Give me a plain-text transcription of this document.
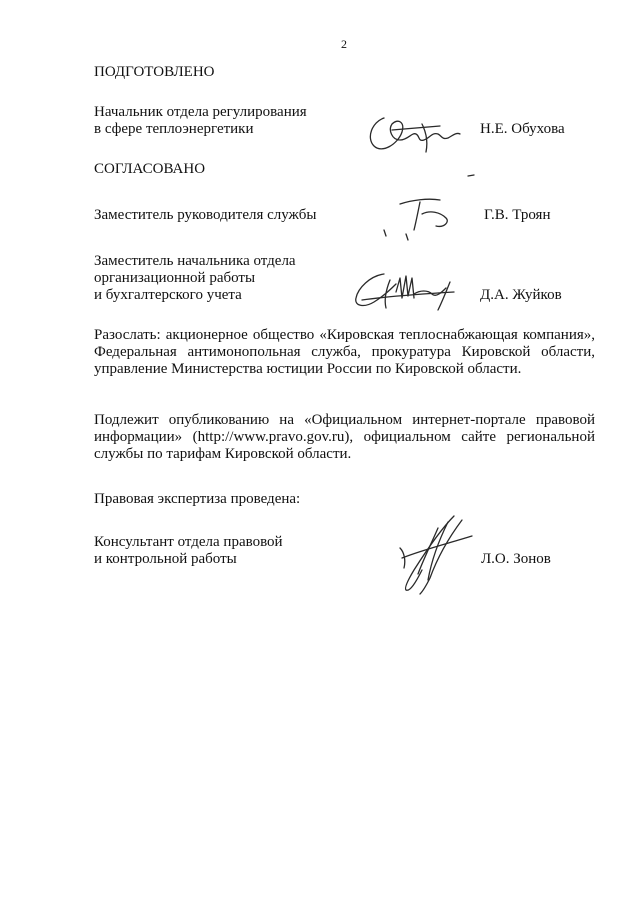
2
ПОДГОТОВЛЕНО
Начальник отдела регулирования
в сфере теплоэнергетики	Н.Е. Обухова
СОГЛАСОВАНО
Заместитель руководителя службы	Г.В. Троян
Заместитель начальника отдела
организационной работы
и бухгалтерского учета	Д.А. Жуйков
Разослать: акционерное общество «Кировская теплоснабжающая компания»,
Федеральная антимонопольная служба, прокуратура Кировской области,
управление Министерства юстиции России по Кировской области.
Подлежит опубликованию на «Официальном интернет-портале правовой
информации» (http://www.pravo.gov.ru), официальном сайте региональной
службы по тарифам Кировской области.
Правовая экспертиза проведена:
Консультант отдела правовой
и контрольной работы	Л.О. Зонов
